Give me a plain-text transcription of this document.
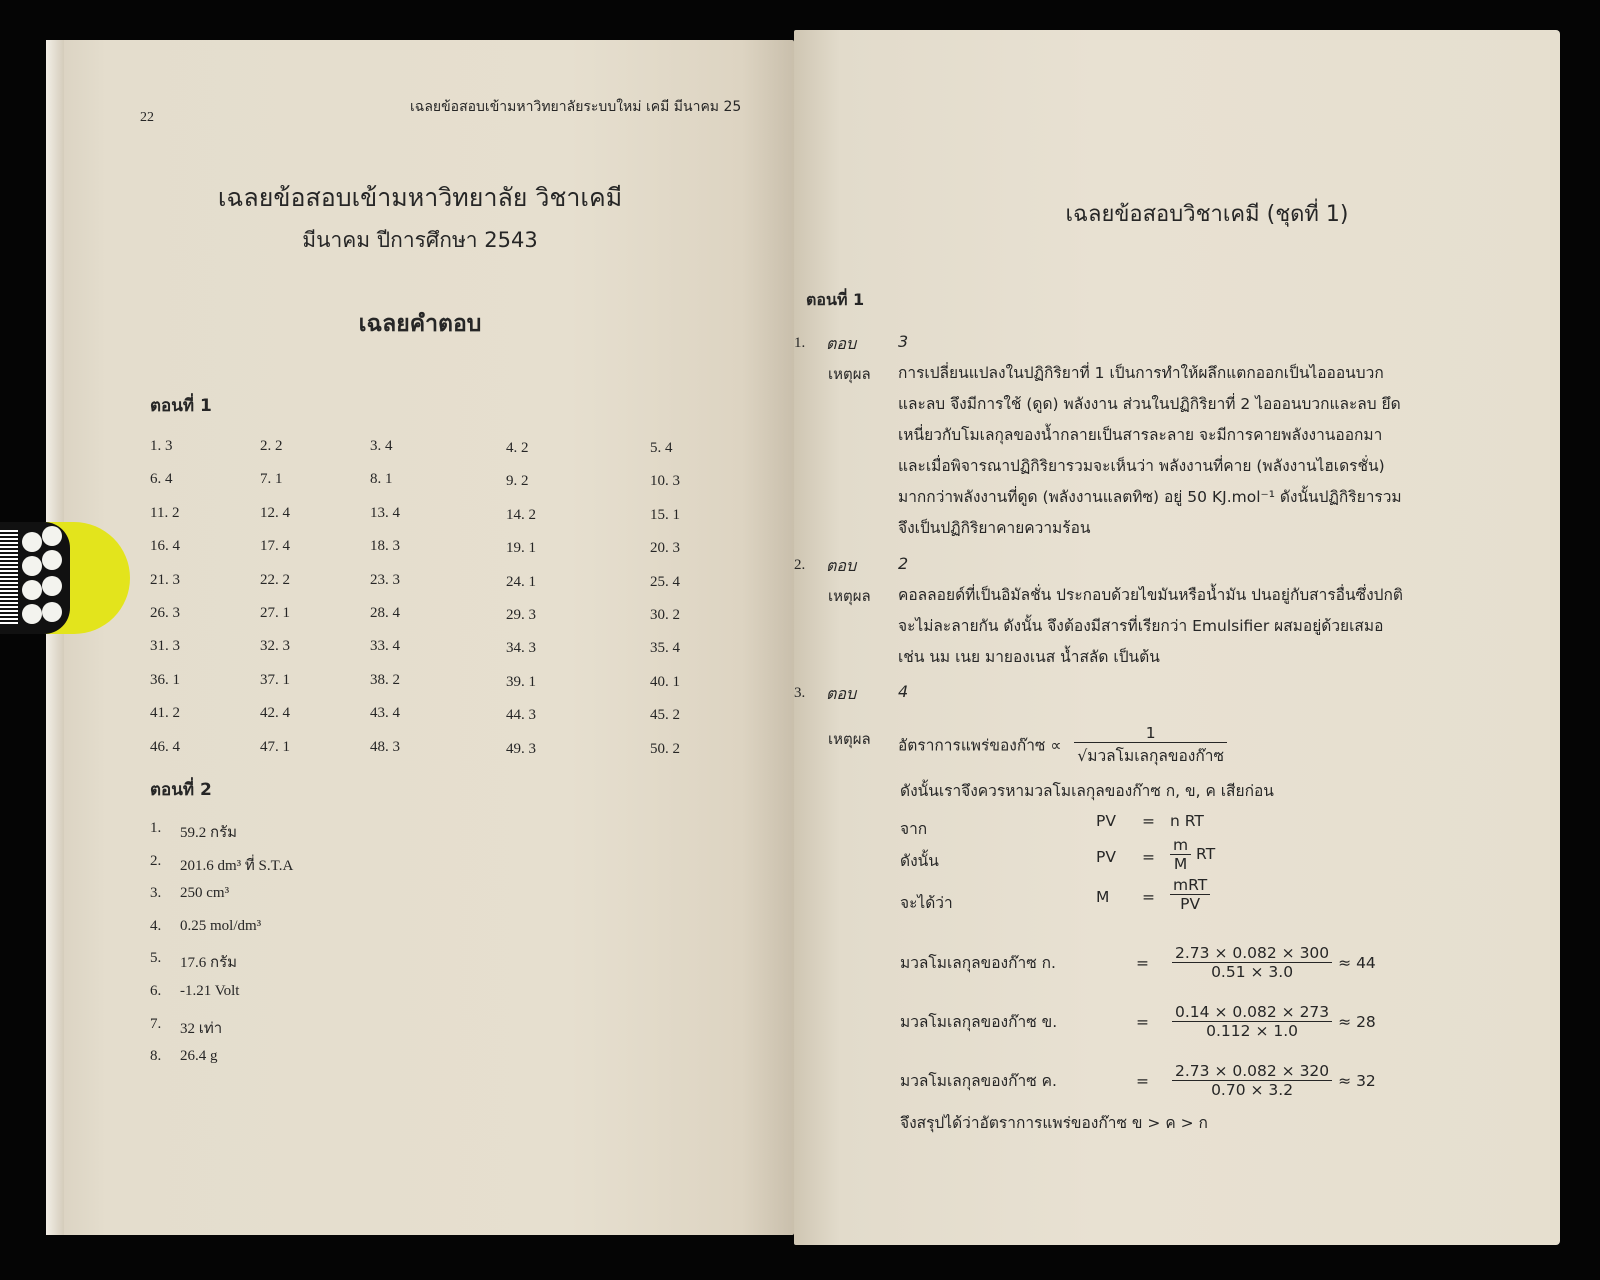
22
เฉลยข้อสอบเข้ามหาวิทยาลัยระบบใหม่ เคมี มีนาคม 25
เฉลยข้อสอบเข้ามหาวิทยาลัย วิชาเคมี
มีนาคม ปีการศึกษา 2543
เฉลยคำตอบ
ตอนที่ 1
1. 3	2. 2	3. 4	4. 2	5. 4
6. 4	7. 1	8. 1	9. 2	10. 3
11. 2	12. 4	13. 4	14. 2	15. 1
16. 4	17. 4	18. 3	19. 1	20. 3
21. 3	22. 2	23. 3	24. 1	25. 4
26. 3	27. 1	28. 4	29. 3	30. 2
31. 3	32. 3	33. 4	34. 3	35. 4
36. 1	37. 1	38. 2	39. 1	40. 1
41. 2	42. 4	43. 4	44. 3	45. 2
46. 4	47. 1	48. 3	49. 3	50. 2
ตอนที่ 2
1. 59.2 กรัม
2. 201.6 dm³ ที่ S.T.A
3. 250 cm³
4. 0.25 mol/dm³
5. 17.6 กรัม
6. -1.21 Volt
7. 32 เท่า
8. 26.4 g
เฉลยข้อสอบวิชาเคมี (ชุดที่ 1)
ตอนที่ 1
1. ตอบ	3
เหตุผล การเปลี่ยนแปลงในปฏิกิริยาที่ 1 เป็นการทำให้ผลึกแตกออกเป็นไอออนบวก
และลบ จึงมีการใช้ (ดูด) พลังงาน ส่วนในปฏิกิริยาที่ 2 ไอออนบวกและลบ ยึด
เหนี่ยวกับโมเลกุลของน้ำกลายเป็นสารละลาย จะมีการคายพลังงานออกมา
และเมื่อพิจารณาปฏิกิริยารวมจะเห็นว่า พลังงานที่คาย (พลังงานไฮเดรชั่น)
มากกว่าพลังงานที่ดูด (พลังงานแลตทิซ) อยู่ 50 KJ.mol⁻¹ ดังนั้นปฏิกิริยารวม
จึงเป็นปฏิกิริยาคายความร้อน
2. ตอบ	2
เหตุผล คอลลอยด์ที่เป็นอิมัลชั่น ประกอบด้วยไขมันหรือน้ำมัน ปนอยู่กับสารอื่นซึ่งปกติ
จะไม่ละลายกัน ดังนั้น จึงต้องมีสารที่เรียกว่า Emulsifier ผสมอยู่ด้วยเสมอ
เช่น นม เนย มายองเนส น้ำสลัด เป็นต้น
3. ตอบ	4
เหตุผล อัตราการแพร่ของก๊าซ ∝ $\frac{1}{\text{√มวลโมเลกุลของก๊าซ}}$
ดังนั้นเราจึงควรหามวลโมเลกุลของก๊าซ ก, ข, ค เสียก่อน
จาก	PV = n RT
ดังนั้น	PV = $\frac{m}{M}$ RT
จะได้ว่า	$M = \frac{\text{mRT}}{PV}$
มวลโมเลกุลของก๊าซ ก.	= $\frac{2.73 \times 0.082 \times 300}{0.51 \times 3.0} \approx 44$
มวลโมเลกุลของก๊าซ ข.	= $\frac{0.14 \times 0.082 \times 273}{0.112 \times 1.0} \approx 28$
มวลโมเลกุลของก๊าซ ค.	= $\frac{2.73 \times 0.082 \times 320}{0.70 \times 3.2} \approx 32$
จึงสรุปได้ว่าอัตราการแพร่ของก๊าซ ข > ค > ก
